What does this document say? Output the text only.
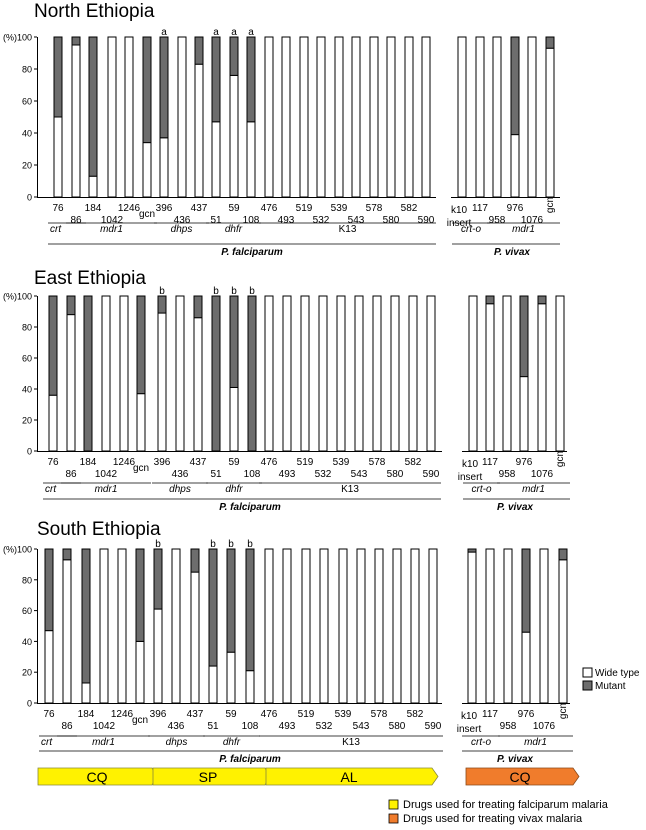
North Ethiopia
0
20
40
60
80
100
(%)	a	a a a
76
86
184
1042
1246
gcn
396
436
437
51
59
108
476
493
519
532
539
543
578
580
582
590
k10
insert
117
958
976
1076
gcn
crt	mdr1	dhps	dhfr	K13	crt-o	mdr1
P. falciparum	P. vivax
East Ethiopia
0
20
40
60
80
100
(%)	b	b b b
76
86
184
1042
1246
gcn
396
436
437
51
59
108
476
493
519
532
539
543
578
580
582
590
k10
insert
117
958
976
1076
gcn
crt	mdr1	dhps	dhfr	K13	crt-o	mdr1
P. falciparum	P. vivax
South Ethiopia
0
20
40
60
80
100
(%)	b	b b b
76
86
184
1042
1246
gcn
396
436
437
51
59
108
476
493
519
532
539
543
578
580
582
590
k10
insert
117
958
976
1076
gcn
crt	mdr1	dhps	dhfr	K13	crt-o	mdr1
P. falciparum	P. vivax
Wide type
Mutant
CQ	SP	AL	CQ
Drugs used for treating falciparum malaria
Drugs used for treating vivax malaria
